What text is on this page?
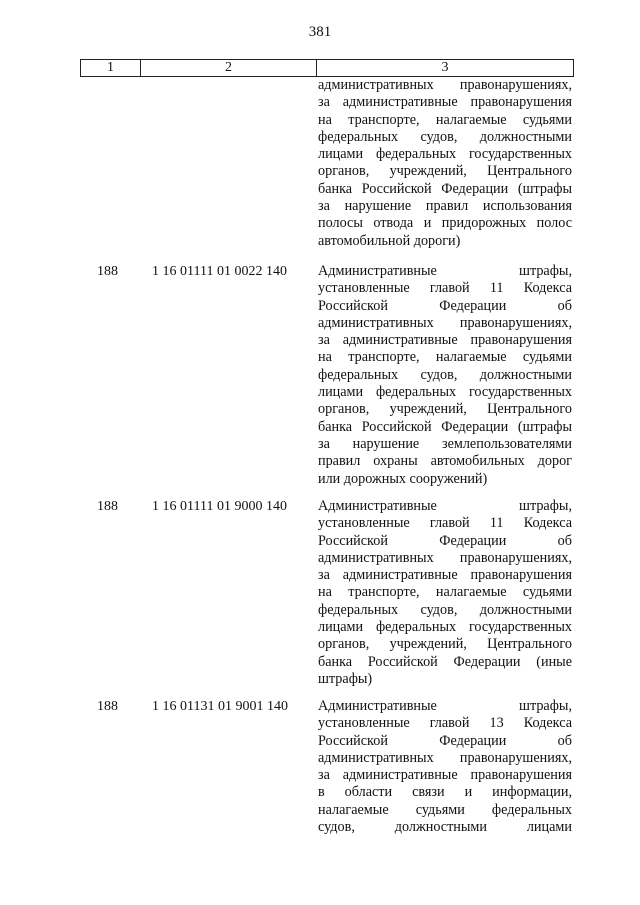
381
1	2	3
административных правонарушениях,
за административные правонарушения
на транспорте, налагаемые судьями
федеральных судов, должностными
лицами федеральных государственных
органов, учреждений, Центрального
банка Российской Федерации (штрафы
за нарушение правил использования
полосы отвода и придорожных полос
автомобильной дороги)
188	1 16 01111 01 0022 140	Административные штрафы,
установленные главой 11 Кодекса
Российской Федерации об
административных правонарушениях,
за административные правонарушения
на транспорте, налагаемые судьями
федеральных судов, должностными
лицами федеральных государственных
органов, учреждений, Центрального
банка Российской Федерации (штрафы
за нарушение землепользователями
правил охраны автомобильных дорог
или дорожных сооружений)
188	1 16 01111 01 9000 140	Административные штрафы,
установленные главой 11 Кодекса
Российской Федерации об
административных правонарушениях,
за административные правонарушения
на транспорте, налагаемые судьями
федеральных судов, должностными
лицами федеральных государственных
органов, учреждений, Центрального
банка Российской Федерации (иные
штрафы)
188	1 16 01131 01 9001 140	Административные штрафы,
установленные главой 13 Кодекса
Российской Федерации об
административных правонарушениях,
за административные правонарушения
в области связи и информации,
налагаемые судьями федеральных
судов, должностными лицами
